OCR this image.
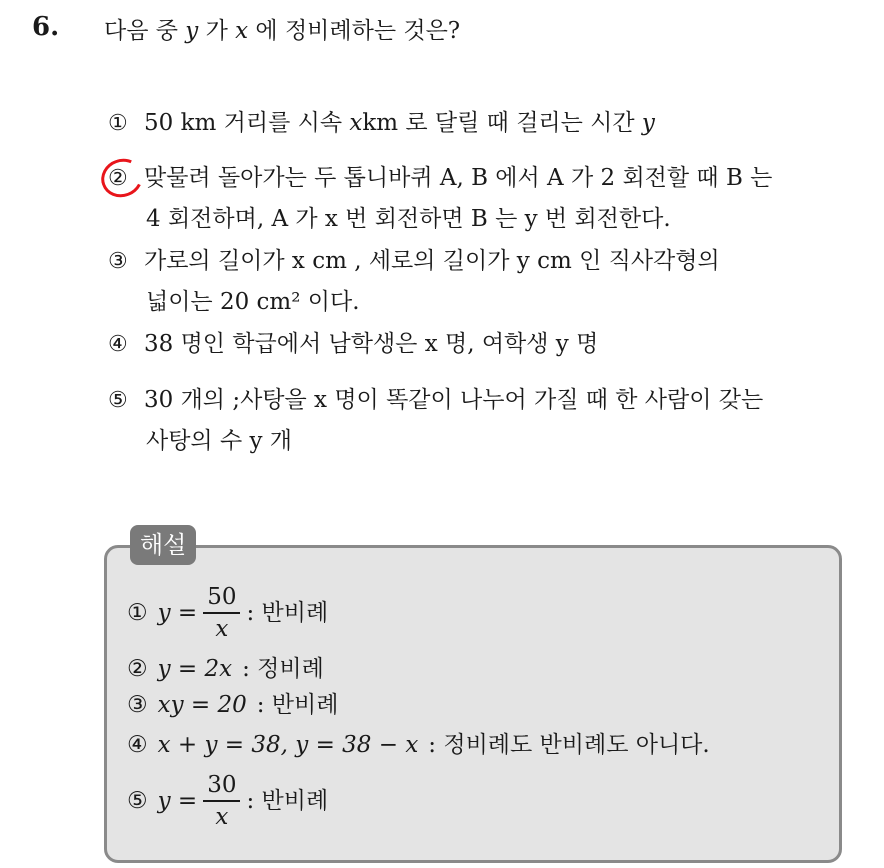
6. 다음 중 y 가 x 에 정비례하는 것은?
① 50 km 거리를 시속 xkm 로 달릴 때 걸리는 시간 y
② 맞물려 돌아가는 두 톱니바퀴 A, B 에서 A 가 2 회전할 때 B 는
4 회전하며, A 가 x 번 회전하면 B 는 y 번 회전한다.
③ 가로의 길이가 x cm , 세로의 길이가 y cm 인 직사각형의
넓이는 20 cm² 이다.
④ 38 명인 학급에서 남학생은 x 명, 여학생 y 명
⑤ 30 개의 ;사탕을 x 명이 똑같이 나누어 가질 때 한 사람이 갖는
사탕의 수 y 개
해설
① $y = \frac{50}{x}$ : 반비례
② y = 2x : 정비례
③ xy = 20 : 반비례
④ x + y = 38, y = 38 − x : 정비례도 반비례도 아니다.
⑤ $y = \frac{30}{x}$ : 반비례
